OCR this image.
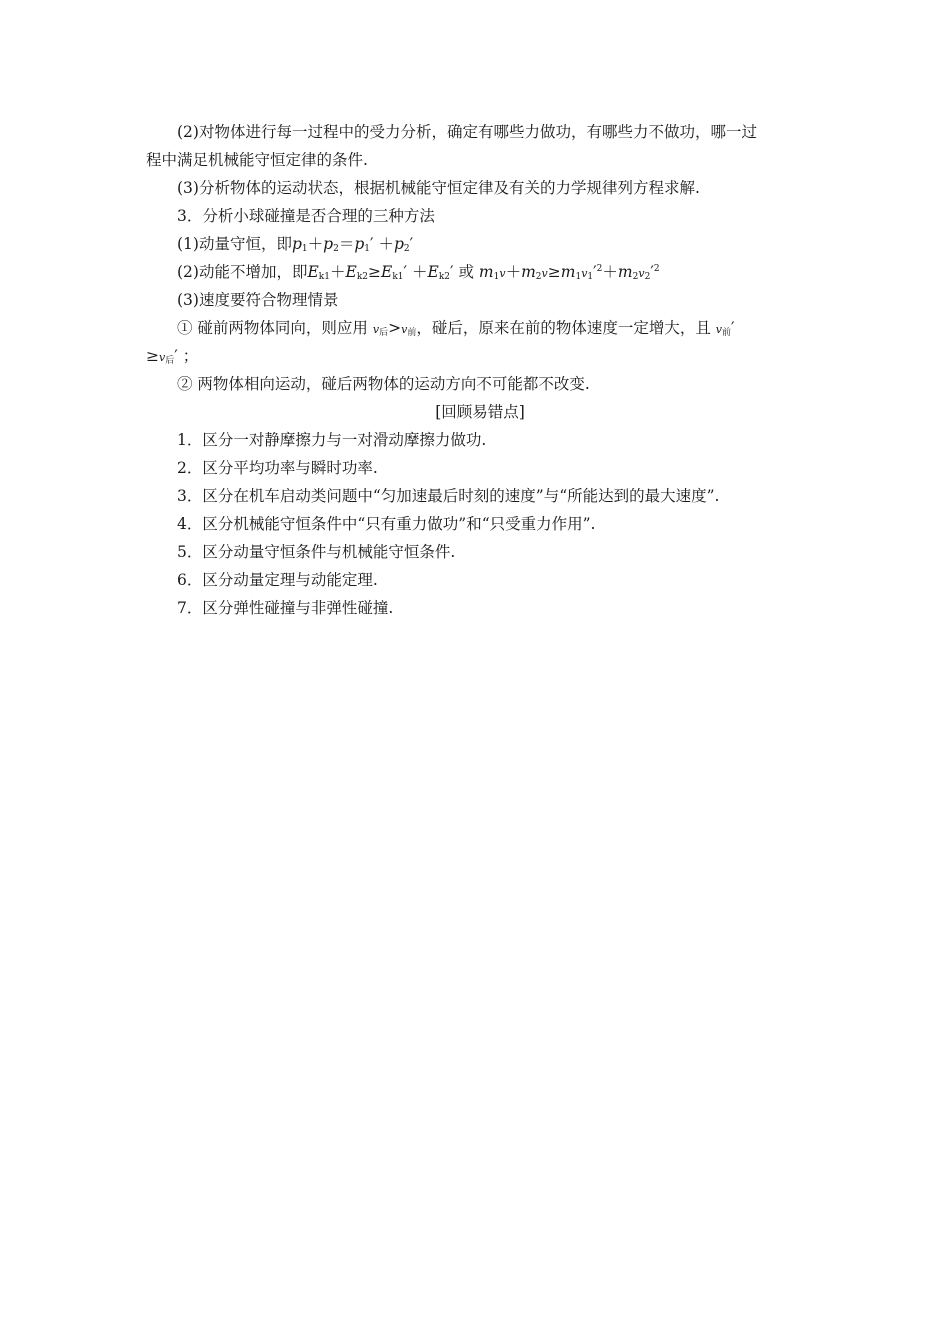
(2)对物体进行每一过程中的受力分析，确定有哪些力做功，有哪些力不做功，哪一过
程中满足机械能守恒定律的条件.
(3)分析物体的运动状态，根据机械能守恒定律及有关的力学规律列方程求解.
3．分析小球碰撞是否合理的三种方法
(1)动量守恒，即$p_1+p_2=p_1' +p_2'$
(2)动能不增加，即$E_{k1}+E_{k2}\ge E_{k1}' +E_{k2}'$ 或 $m_1v+m_2v\ge m_1v_1'^2+m_2v_2'^2$
(3)速度要符合物理情景
① 碰前两物体同向，则应用 $v_后>v_前$，碰后，原来在前的物体速度一定增大，且 $v_前'$
$\ge v_后'$ ；
② 两物体相向运动，碰后两物体的运动方向不可能都不改变.
[回顾易错点]
1．区分一对静摩擦力与一对滑动摩擦力做功.
2．区分平均功率与瞬时功率.
3．区分在机车启动类问题中“匀加速最后时刻的速度”与“所能达到的最大速度”.
4．区分机械能守恒条件中“只有重力做功”和“只受重力作用”.
5．区分动量守恒条件与机械能守恒条件.
6．区分动量定理与动能定理.
7．区分弹性碰撞与非弹性碰撞.
